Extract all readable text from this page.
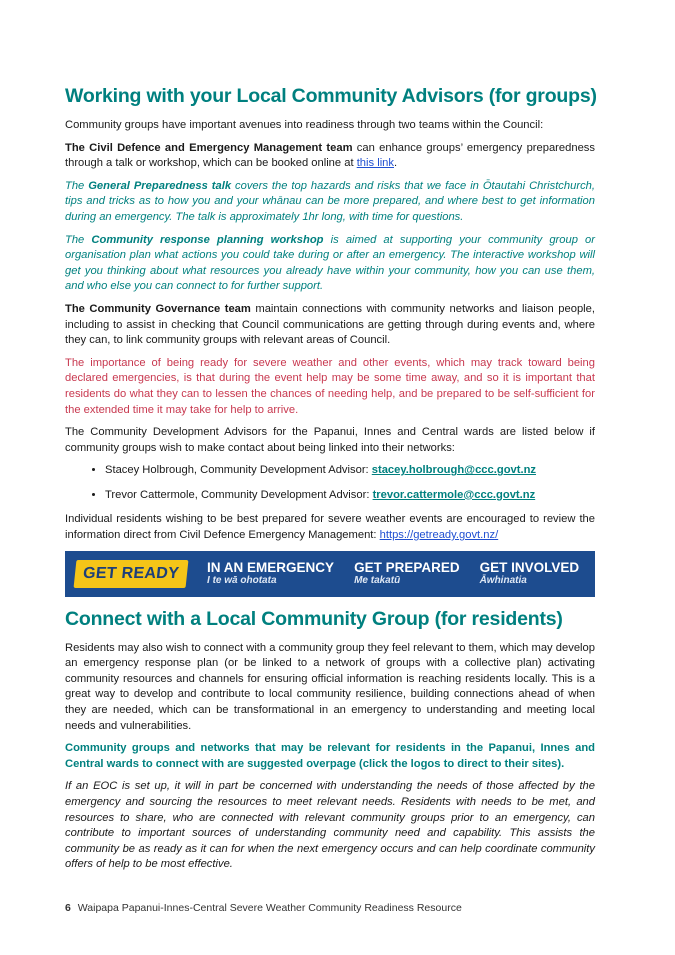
Working with your Local Community Advisors (for groups)

Community groups have important avenues into readiness through two teams within the Council:

The Civil Defence and Emergency Management team can enhance groups’ emergency preparedness through a talk or workshop, which can be booked online at this link.

The General Preparedness talk covers the top hazards and risks that we face in Ōtautahi Christchurch, tips and tricks as to how you and your whānau can be more prepared, and where best to get information during an emergency. The talk is approximately 1hr long, with time for questions.

The Community response planning workshop is aimed at supporting your community group or organisation plan what actions you could take during or after an emergency. The interactive workshop will get you thinking about what resources you already have within your community, how you can use them, and who else you can connect to for further support.

The Community Governance team maintain connections with community networks and liaison people, including to assist in checking that Council communications are getting through during events and, where they can, to link community groups with relevant areas of Council.

The importance of being ready for severe weather and other events, which may track toward being declared emergencies, is that during the event help may be some time away, and so it is important that residents do what they can to lessen the chances of needing help, and be prepared to be self-sufficient for the extended time it may take for help to arrive.

The Community Development Advisors for the Papanui, Innes and Central wards are listed below if community groups wish to make contact about being linked into their networks:

• Stacey Holbrough, Community Development Advisor: stacey.holbrough@ccc.govt.nz
• Trevor Cattermole, Community Development Advisor: trevor.cattermole@ccc.govt.nz

Individual residents wishing to be best prepared for severe weather events are encouraged to review the information direct from Civil Defence Emergency Management: https://getready.govt.nz/

GET READY	IN AN EMERGENCY
I te wā ohotata
GET PREPARED
Me takatū
GET INVOLVED
Āwhinatia
Connect with a Local Community Group (for residents)

Residents may also wish to connect with a community group they feel relevant to them, which may develop an emergency response plan (or be linked to a network of groups with a collective plan) activating community resources and channels for ensuring official information is reaching residents locally. This is a great way to develop and contribute to local community resilience, building connections ahead of when they are needed, which can be transformational in an emergency to understanding and meeting local needs and vulnerabilities.

Community groups and networks that may be relevant for residents in the Papanui, Innes and Central wards to connect with are suggested overpage (click the logos to direct to their sites).

If an EOC is set up, it will in part be concerned with understanding the needs of those affected by the emergency and sourcing the resources to meet relevant needs. Residents with needs to be met, and resources to share, who are connected with relevant community groups prior to an emergency, can contribute to important sources of understanding community need and capability. This assists the community be as ready as it can for when the next emergency occurs and can help coordinate community offers of help to be most effective.

6 Waipapa Papanui-Innes-Central Severe Weather Community Readiness Resource
